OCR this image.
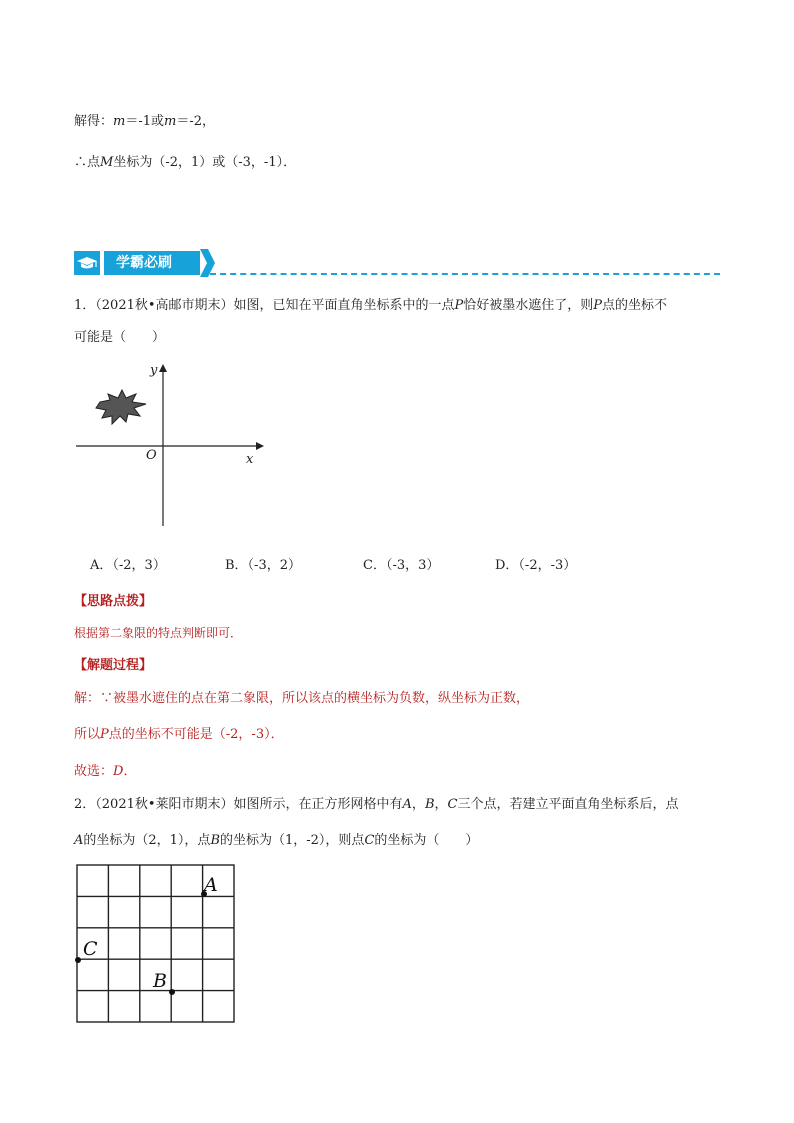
解得：m＝-1或m＝-2，
∴点M坐标为（-2，1）或（-3，-1）．
学霸必刷
1．（2021秋•高邮市期末）如图，已知在平面直角坐标系中的一点P恰好被墨水遮住了，则P点的坐标不
可能是（　　）
y
x
O
A．（-2，3）	B．（-3，2）	C．（-3，3）	D．（-2，-3）
【思路点拨】
根据第二象限的特点判断即可．
【解题过程】
解：∵被墨水遮住的点在第二象限，所以该点的横坐标为负数，纵坐标为正数，
所以P点的坐标不可能是（-2，-3）．
故选：D．
2．（2021秋•莱阳市期末）如图所示，在正方形网格中有A，B，C三个点，若建立平面直角坐标系后，点
A的坐标为（2，1），点B的坐标为（1，-2），则点C的坐标为（　　）
A
C
B
